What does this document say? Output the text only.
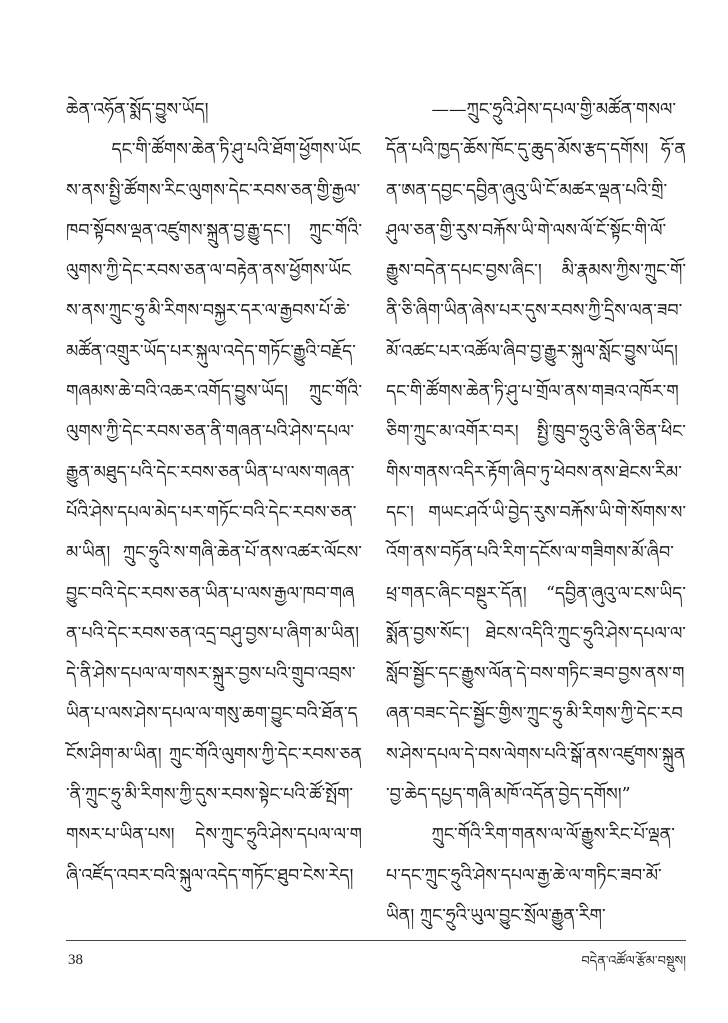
ཆེན་འཧོན་སྨོད་བྱུས་ཡོད།

དང་གི་ཚོགས་ཆེན་ཏི་ཤུ་པའི་ཐོག་ཕྱོགས་ཡོངས་ནས་སྤྱི་ཚོགས་རིང་ལུགས་དེང་རབས་ཅན་གྱི་རྒྱལ་ཁབ་སྟོབས་ལྡན་འཛུགས་སྐྲུན་བྱ་རྒྱུ་དང་། ཀྲུང་གོའི་ལུགས་ཀྱི་དེང་རབས་ཅན་ལ་བརྟེན་ནས་ཕྱོགས་ཡོངས་ནས་ཀྲུང་ཧྲུ་མི་རིགས་བསྐྱར་དར་ལ་རྒྱབས་པོ་ཆེ་མཚོན་འགྲུར་ཡོད་པར་སྐུལ་འདེད་གཏོང་རྒྱུའི་བརྗོད་གཞམས་ཆེ་བའི་འཆར་འགོད་བྱུས་ཡོད། ཀྲུང་གོའི་ལུགས་ཀྱི་དེང་རབས་ཅན་ནི་གཞན་པའི་ཤེས་དཔལ་རྒྱུན་མཐུད་པའི་དེང་རབས་ཅན་ཡིན་པ་ལས་གཞན་པོའི་ཤེས་དཔལ་མེད་པར་གཏོང་བའི་དེང་རབས་ཅན་མ་ཡིན། ཀྲུང་ཧྲུའི་ས་གཞི་ཆེན་པོ་ནས་འཚར་ལོངས་བྱུང་བའི་དེང་རབས་ཅན་ཡིན་པ་ལས་རྒྱལ་ཁབ་གཞན་པའི་དེང་རབས་ཅན་འདྲ་བཤུ་བྱས་པ་ཞིག་མ་ཡིན། དེ་ནི་ཤེས་དཔལ་ལ་གསར་སྐྲུར་བྱས་པའི་གྲུབ་འབྲས་ཡིན་པ་ལས་ཤེས་དཔལ་ལ་གསུ་ཆག་བྱུང་བའི་ཐོན་དངོས་ཤིག་མ་ཡིན། ཀྲུང་གོའི་ལུགས་ཀྱི་དེང་རབས་ཅན་ནི་ཀྲུང་ཧྲུ་མི་རིགས་ཀྱི་དུས་རབས་སྟེང་པའི་ཚོ་སྤོག་གསར་པ་ཡིན་པས། དེས་ཀྲུང་ཧྲུའི་ཤེས་དཔལ་ལ་གཞི་འཛོད་འབར་བའི་སྐུལ་འདེད་གཏོང་ཐུབ་ངེས་རེད།

——ཀྲུང་ཧྲུའི་ཤེས་དཔལ་གྱི་མཚོན་གསལ་དོན་པའི་ཁྱད་ཆོས་ཁོང་དུ་ཆུད་མོས་རྩད་དགོས། ཧོ་ནན་ཨན་དབྱང་དབྱིན་ཞུའུ་ཡི་ངོ་མཚར་ལྡན་པའི་གྲི་ཤུལ་ཅན་གྱི་རུས་བརྐོས་ཡི་གེ་ལས་ལོ་ངོ་སྟོང་གི་ལོ་རྒྱུས་བདེན་དཔང་བྱས་ཞིང་། མི་རྣམས་ཀྱིས་ཀྲུང་གོ་ནི་ཅི་ཞིག་ཡིན་ཞེས་པར་དུས་རབས་ཀྱི་དྲིས་ལན་ཟབ་མོ་འཚང་པར་འཚོལ་ཞིབ་བྱ་རྒྱུར་སྐུལ་སློང་བྱུས་ཡོད། དང་གི་ཚོགས་ཆེན་ཏི་ཤུ་པ་གྲོལ་ནས་གཟའ་འཁོར་གཅིག་ཀྲུང་མ་འགོར་བར། སྤྱི་ཁྲུབ་ཧྲུའུ་ཅི་ཞི་ཅིན་ཕིང་གིས་གནས་འདིར་རྟོག་ཞིབ་ཏུ་ཕེབས་ནས་ཐེངས་རིམ་དང་། གཡང་ཤའོ་ཡི་བྱེད་རུས་བརྐོས་ཡི་གེ་སོགས་ས་འོག་ནས་བཏོན་པའི་རིག་དངོས་ལ་གཟིགས་མོ་ཞིབ་ཕྲ་གནང་ཞིང་བསྔུར་དོན། “དབྱིན་ཞུའུ་ལ་ངས་ཡིད་སྨོན་བྱས་སོང་། ཐེངས་འདིའི་ཀྲུང་ཧྲུའི་ཤེས་དཔལ་ལ་སློབ་སྦྱོང་དང་རྒྱུས་ལོན་དེ་བས་གཏིང་ཟབ་བྱས་ནས་གཞན་བཟང་དེང་སྦྱོང་གྱིས་ཀྲུང་ཧྲུ་མི་རིགས་ཀྱི་དེང་རབས་ཤེས་དཔལ་དེ་བས་ལེགས་པའི་སྒོ་ནས་འཛུགས་སྐྲུན་བྱ་ཆེད་དཔྱད་གཞི་མཁོ་འདོན་བྱེད་དགོས།”

ཀྲུང་གོའི་རིག་གནས་ལ་ལོ་རྒྱུས་རིང་པོ་ལྡན་པ་དང་ཀྲུང་ཧྲུའི་ཤེས་དཔལ་རྒྱ་ཆེ་ལ་གཏིང་ཟབ་མོ་ཡིན། ཀྲུང་ཧྲུའི་ཡུལ་བྱུང་སྲོལ་རྒྱུན་རིག་

38	བདེན་འཚོལ་རྩོམ་བསྡུས།
